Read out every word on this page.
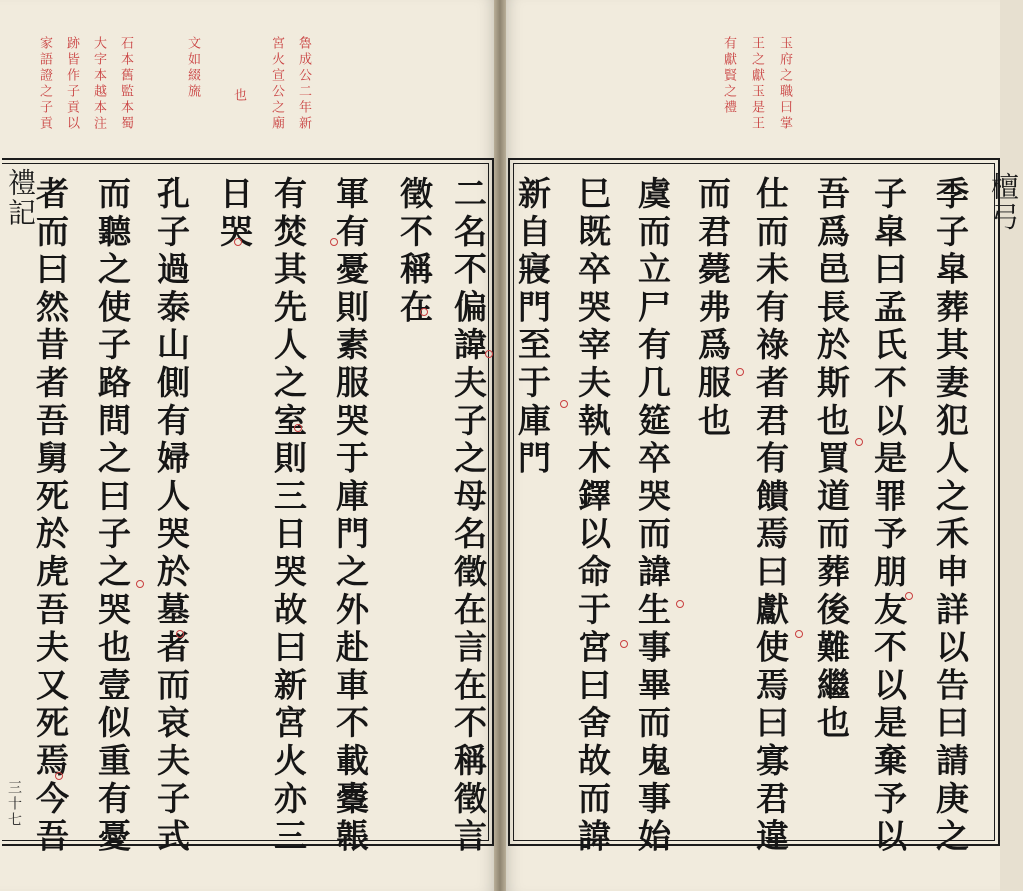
禮記
三十七
檀弓
二名不偏諱夫子之母名徵在言在不稱徵言
徵不稱在
軍有憂則素服哭于庫門之外赴車不載櫜韔
有焚其先人之室則三日哭故曰新宮火亦三
日哭
孔子過泰山側有婦人哭於墓者而哀夫子式
而聽之使子路問之曰子之哭也壹似重有憂
者而曰然昔者吾舅死於虎吾夫又死焉今吾
魯成公二年新
宮火宣公之廟
也
文如綴旒
石本舊監本蜀
大字本越本注
跡皆作子貢以
家語證之子貢
季子皐葬其妻犯人之禾申詳以告曰請庚之
子皐曰孟氏不以是罪予朋友不以是棄予以
吾爲邑長於斯也買道而葬後難繼也
仕而未有祿者君有饋焉曰獻使焉曰寡君違
而君薨弗爲服也
虞而立尸有几筵卒哭而諱生事畢而鬼事始
巳既卒哭宰夫執木鐸以命于宮曰舍故而諱
新自寢門至于庫門
玉府之職曰掌
王之獻玉是王
有獻賢之禮
